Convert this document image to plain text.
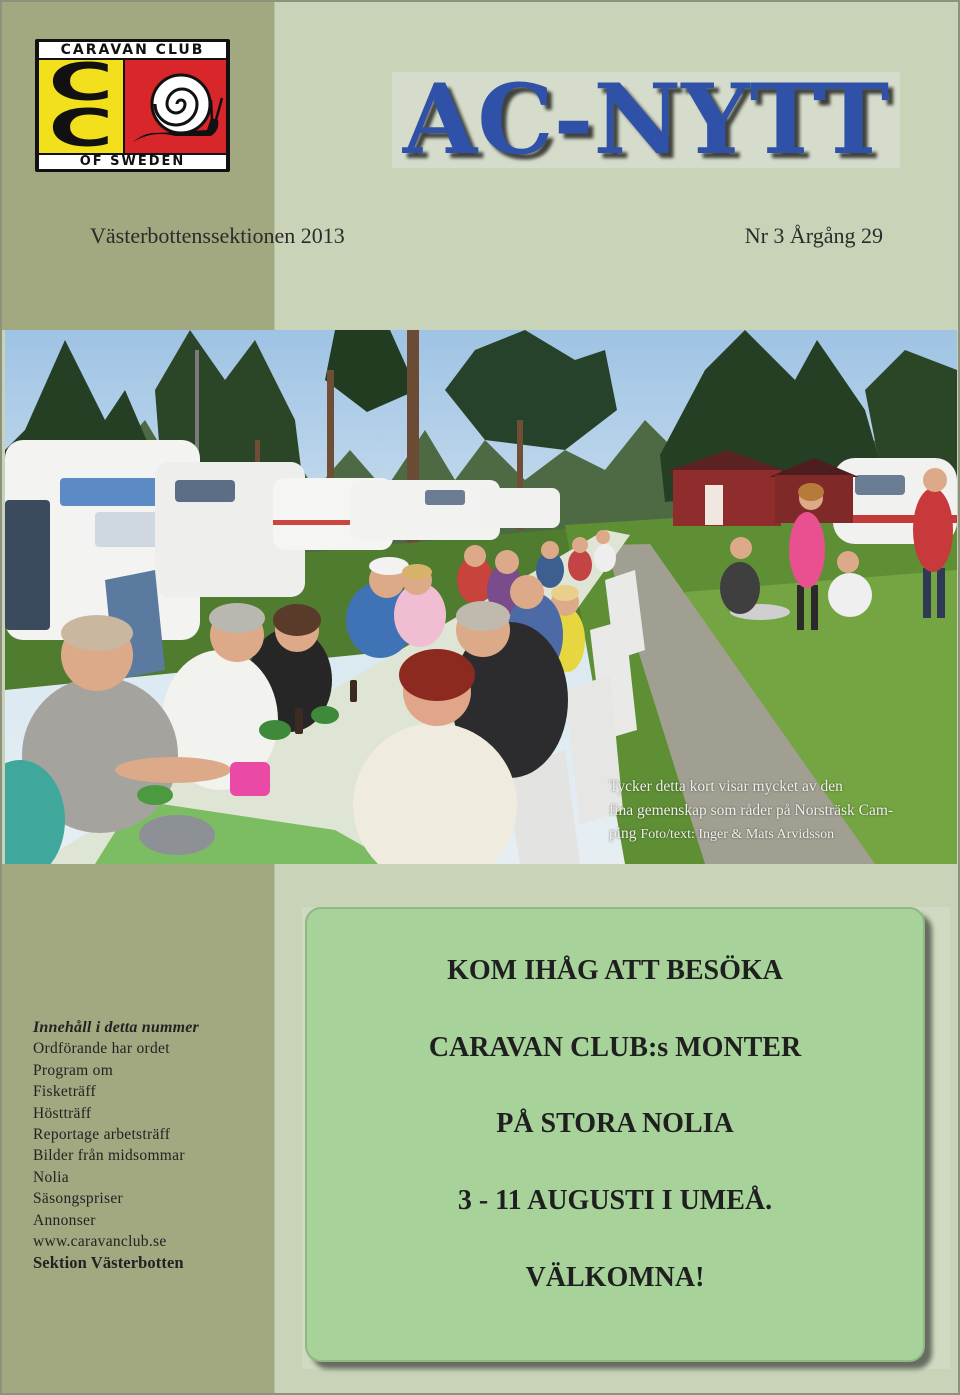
CARAVAN CLUB
C
C
OF SWEDEN	AC-NYTT
Västerbottenssektionen 2013	Nr 3 Årgång 29
Tycker detta kort visar mycket av den
fina gemenskap som råder på Norsträsk Cam-
ping Foto/text: Inger & Mats Arvidsson
Innehåll i detta nummer
Ordförande har ordet
Program om
Fisketräff
Höstträff
Reportage arbetsträff
Bilder från midsommar
Nolia
Säsongspriser
Annonser
www.caravanclub.se
Sektion Västerbotten
KOM IHÅG ATT BESÖKA
CARAVAN CLUB:s MONTER
PÅ STORA NOLIA
3 - 11 AUGUSTI I UMEÅ.
VÄLKOMNA!
